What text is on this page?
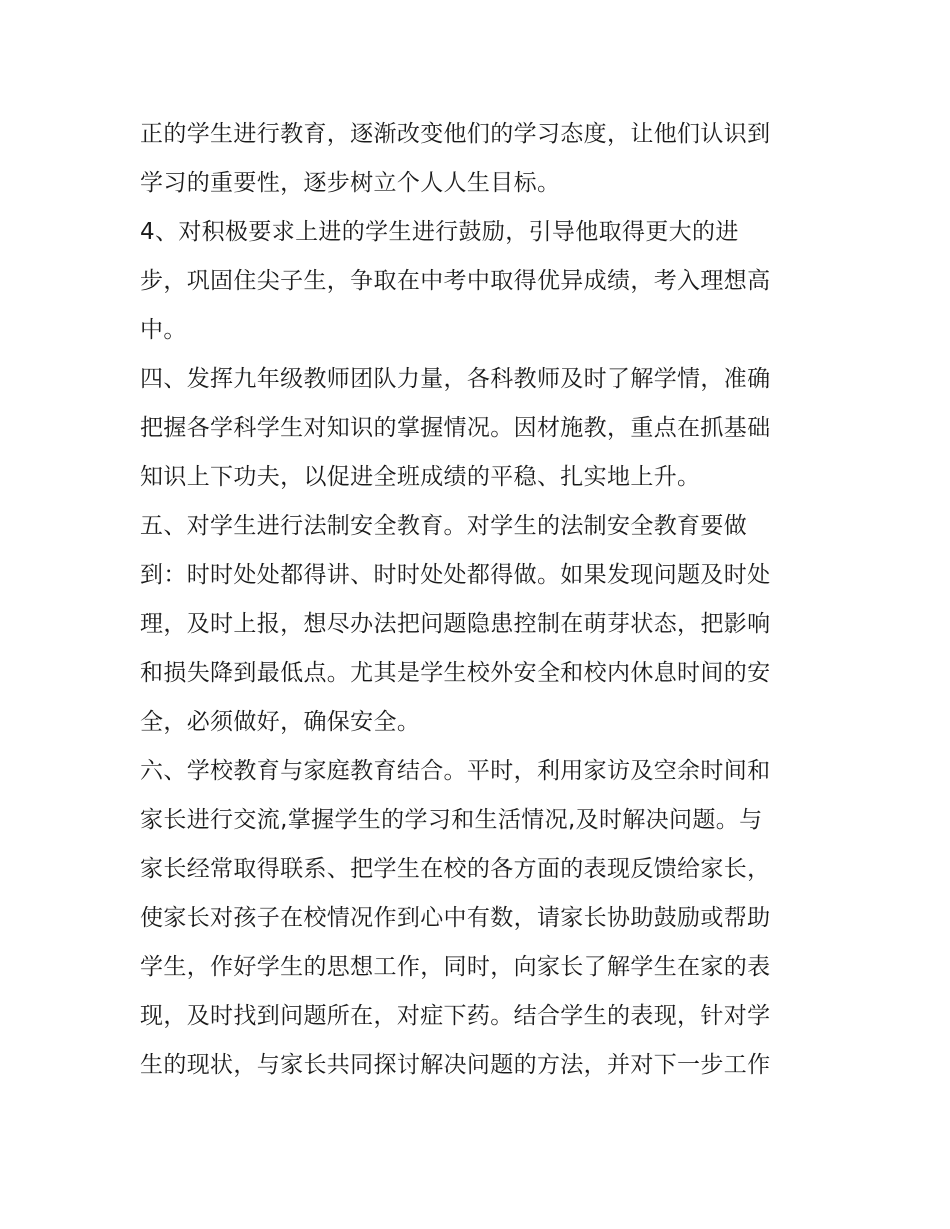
正的学生进行教育，逐渐改变他们的学习态度，让他们认识到
学习的重要性，逐步树立个人人生目标。
4、对积极要求上进的学生进行鼓励，引导他取得更大的进
步，巩固住尖子生，争取在中考中取得优异成绩，考入理想高
中。
四、发挥九年级教师团队力量，各科教师及时了解学情，准确
把握各学科学生对知识的掌握情况。因材施教，重点在抓基础
知识上下功夫，以促进全班成绩的平稳、扎实地上升。
五、对学生进行法制安全教育。对学生的法制安全教育要做
到：时时处处都得讲、时时处处都得做。如果发现问题及时处
理，及时上报，想尽办法把问题隐患控制在萌芽状态，把影响
和损失降到最低点。尤其是学生校外安全和校内休息时间的安
全，必须做好，确保安全。
六、学校教育与家庭教育结合。平时，利用家访及空余时间和
家长进行交流,掌握学生的学习和生活情况,及时解决问题。与
家长经常取得联系、把学生在校的各方面的表现反馈给家长，
使家长对孩子在校情况作到心中有数，请家长协助鼓励或帮助
学生，作好学生的思想工作，同时，向家长了解学生在家的表
现，及时找到问题所在，对症下药。结合学生的表现，针对学
生的现状，与家长共同探讨解决问题的方法，并对下一步工作
